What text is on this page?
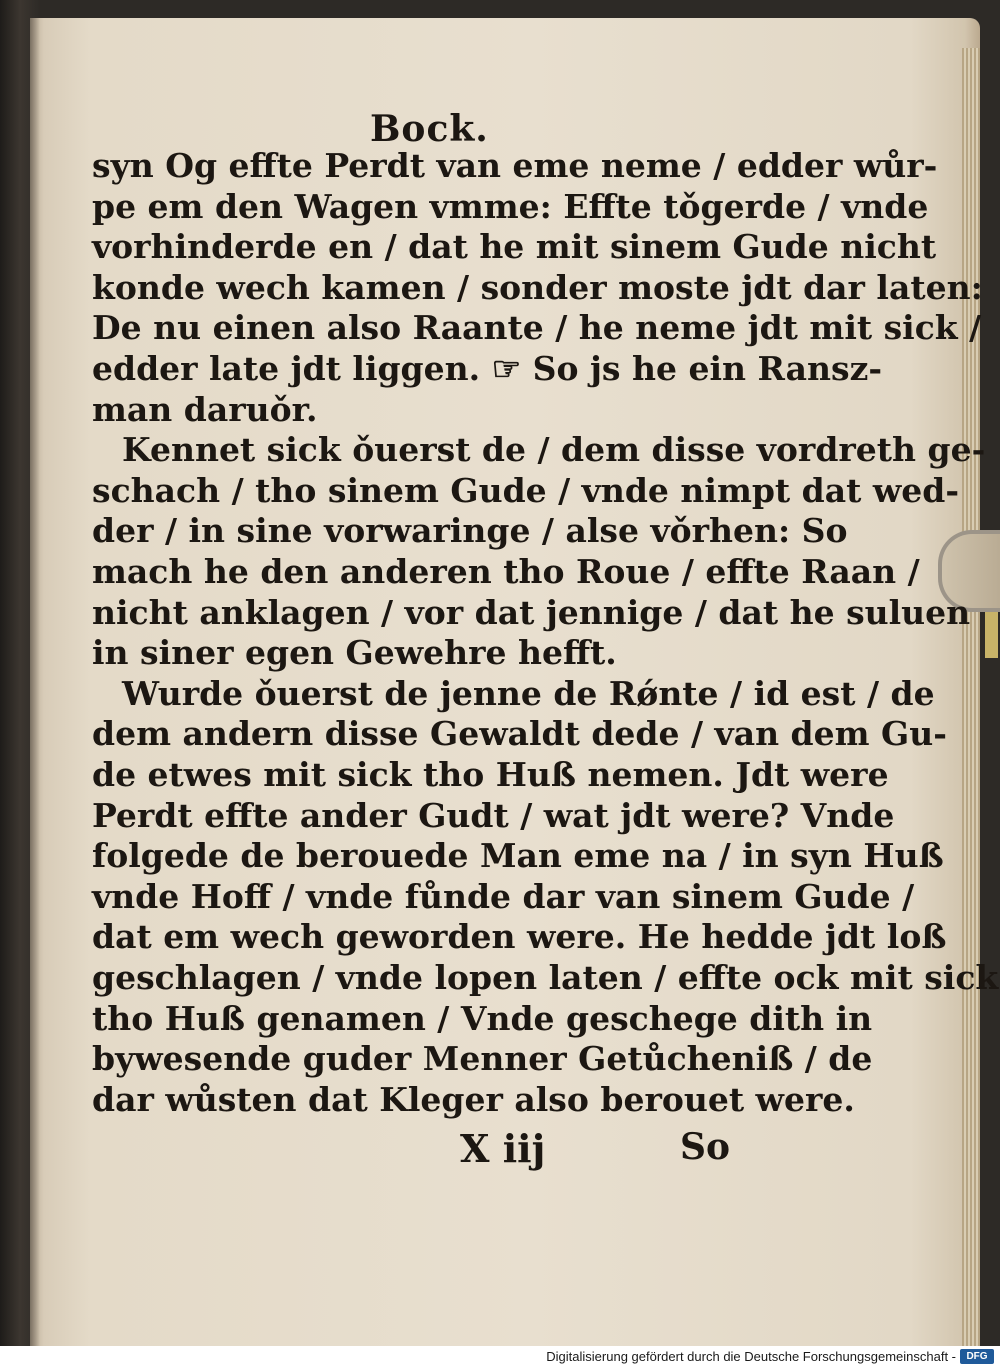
Bock.
syn Og effte Perdt van eme neme / edder wůr-
pe em den Wagen vmme: Effte tǒgerde / vnde
vorhinderde en / dat he mit sinem Gude nicht
konde wech kamen / sonder moste jdt dar laten:
De nu einen also Raante / he neme jdt mit sick /
edder late jdt liggen. ☞ So js he ein Ransz-
man daruǒr.
Kennet sick ǒuerst de / dem disse vordreth ge-
schach / tho sinem Gude / vnde nimpt dat wed-
der / in sine vorwaringe / alse vǒrhen: So
mach he den anderen tho Roue / effte Raan /
nicht anklagen / vor dat jennige / dat he suluen
in siner egen Gewehre hefft.
Wurde ǒuerst de jenne de Rǿnte / id est / de
dem andern disse Gewaldt dede / van dem Gu-
de etwes mit sick tho Huß nemen. Jdt were
Perdt effte ander Gudt / wat jdt were? Vnde
folgede de berouede Man eme na / in syn Huß
vnde Hoff / vnde fůnde dar van sinem Gude /
dat em wech geworden were. He hedde jdt loß
geschlagen / vnde lopen laten / effte ock mit sick
tho Huß genamen / Vnde geschege dith in
bywesende guder Menner Getůcheniß / de
dar wůsten dat Kleger also berouet were.
X iij	So
Digitalisierung gefördert durch die Deutsche Forschungsgemeinschaft -	DFG
